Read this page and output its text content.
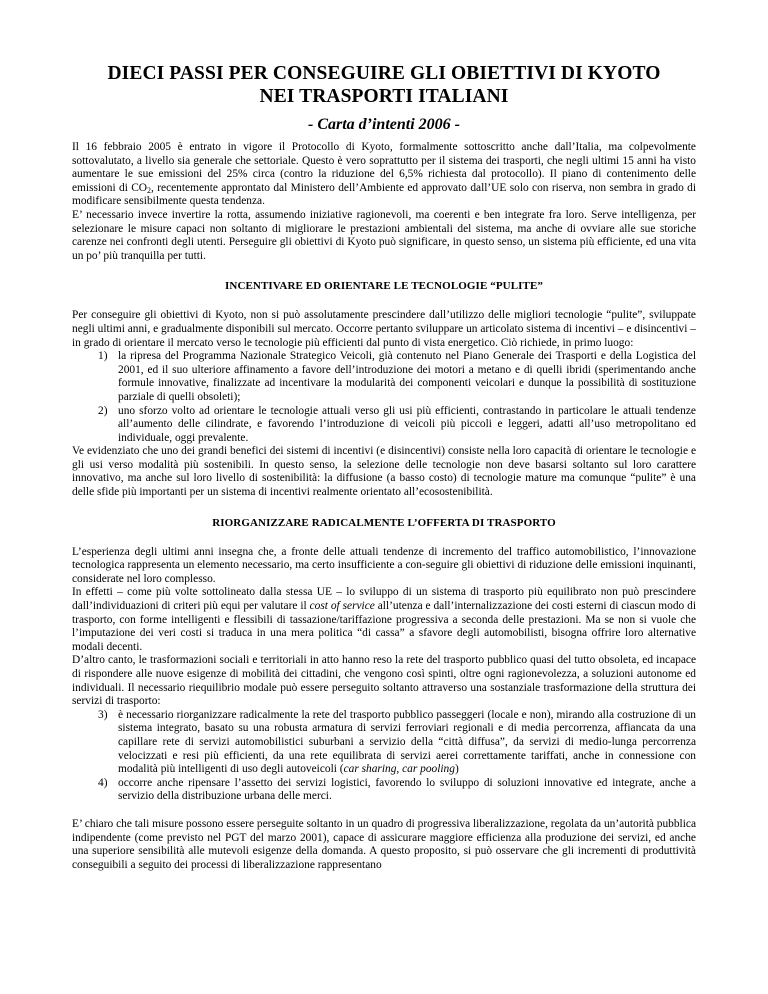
DIECI PASSI PER CONSEGUIRE GLI OBIETTIVI DI KYOTO
NEI TRASPORTI ITALIANI
- Carta d’intenti 2006 -

Il 16 febbraio 2005 è entrato in vigore il Protocollo di Kyoto, formalmente sottoscritto anche dall’Italia, ma colpevolmente sottovalutato, a livello sia generale che settoriale. Questo è vero soprattutto per il sistema dei trasporti, che negli ultimi 15 anni ha visto aumentare le sue emissioni del 25% circa (contro la riduzione del 6,5% richiesta dal protocollo). Il piano di contenimento delle emissioni di $CO_2$, recentemente approntato dal Ministero dell’Ambiente ed approvato dall’UE solo con riserva, non sembra in grado di modificare sensibilmente questa tendenza.

E’ necessario invece invertire la rotta, assumendo iniziative ragionevoli, ma coerenti e ben integrate fra loro. Serve intelligenza, per selezionare le misure capaci non soltanto di migliorare le prestazioni ambientali del sistema, ma anche di ovviare alle sue storiche carenze nei confronti degli utenti. Perseguire gli obiettivi di Kyoto può significare, in questo senso, un sistema più efficiente, ed una vita un po’ più tranquilla per tutti.

INCENTIVARE ED ORIENTARE LE TECNOLOGIE “PULITE”

Per conseguire gli obiettivi di Kyoto, non si può assolutamente prescindere dall’utilizzo delle migliori tecnologie “pulite”, sviluppate negli ultimi anni, e gradualmente disponibili sul mercato. Occorre pertanto sviluppare un articolato sistema di incentivi – e disincentivi – in grado di orientare il mercato verso le tecnologie più efficienti dal punto di vista energetico. Ciò richiede, in primo luogo:

1) la ripresa del Programma Nazionale Strategico Veicoli, già contenuto nel Piano Generale dei Trasporti e della Logistica del 2001, ed il suo ulteriore affinamento a favore dell’introduzione dei motori a metano e di quelli ibridi (sperimentando anche formule innovative, finalizzate ad incentivare la modularità dei componenti veicolari e dunque la possibilità di sostituzione parziale di quelli obsoleti);
2) uno sforzo volto ad orientare le tecnologie attuali verso gli usi più efficienti, contrastando in particolare le attuali tendenze all’aumento delle cilindrate, e favorendo l’introduzione di veicoli più piccoli e leggeri, adatti all’uso metropolitano ed individuale, oggi prevalente.

Ve evidenziato che uno dei grandi benefici dei sistemi di incentivi (e disincentivi) consiste nella loro capacità di orientare le tecnologie e gli usi verso modalità più sostenibili. In questo senso, la selezione delle tecnologie non deve basarsi soltanto sul loro carattere innovativo, ma anche sul loro livello di sostenibilità: la diffusione (a basso costo) di tecnologie mature ma comunque “pulite” è una delle sfide più importanti per un sistema di incentivi realmente orientato all’ecosostenibilità.

RIORGANIZZARE RADICALMENTE L’OFFERTA DI TRASPORTO

L’esperienza degli ultimi anni insegna che, a fronte delle attuali tendenze di incremento del traffico automobilistico, l’innovazione tecnologica rappresenta un elemento necessario, ma certo insufficiente a con-seguire gli obiettivi di riduzione delle emissioni inquinanti, considerate nel loro complesso.

In effetti – come più volte sottolineato dalla stessa UE – lo sviluppo di un sistema di trasporto più equilibrato non può prescindere dall’individuazioni di criteri più equi per valutare il cost of service all’utenza e dall’internalizzazione dei costi esterni di ciascun modo di trasporto, con forme intelligenti e flessibili di tassazione/tariffazione progressiva a seconda delle prestazioni. Ma se non si vuole che l’imputazione dei veri costi si traduca in una mera politica “di cassa” a sfavore degli automobilisti, bisogna offrire loro alternative modali decenti.

D’altro canto, le trasformazioni sociali e territoriali in atto hanno reso la rete del trasporto pubblico quasi del tutto obsoleta, ed incapace di rispondere alle nuove esigenze di mobilità dei cittadini, che vengono così spinti, oltre ogni ragionevolezza, a soluzioni autonome ed individuali. Il necessario riequilibrio modale può essere perseguito soltanto attraverso una sostanziale trasformazione della struttura dei servizi di trasporto:

3) è necessario riorganizzare radicalmente la rete del trasporto pubblico passeggeri (locale e non), mirando alla costruzione di un sistema integrato, basato su una robusta armatura di servizi ferroviari regionali e di media percorrenza, affiancata da una capillare rete di servizi automobilistici suburbani a servizio della “città diffusa”, da servizi di medio-lunga percorrenza velocizzati e resi più efficienti, da una rete equilibrata di servizi aerei correttamente tariffati, anche in connessione con modalità più intelligenti di uso degli autoveicoli (car sharing, car pooling)
4) occorre anche ripensare l’assetto dei servizi logistici, favorendo lo sviluppo di soluzioni innovative ed integrate, anche a servizio della distribuzione urbana delle merci.

E’ chiaro che tali misure possono essere perseguite soltanto in un quadro di progressiva liberalizzazione, regolata da un’autorità pubblica indipendente (come previsto nel PGT del marzo 2001), capace di assicurare maggiore efficienza alla produzione dei servizi, ed anche una superiore sensibilità alle mutevoli esigenze della domanda. A questo proposito, si può osservare che gli incrementi di produttività conseguibili a seguito dei processi di liberalizzazione rappresentano
